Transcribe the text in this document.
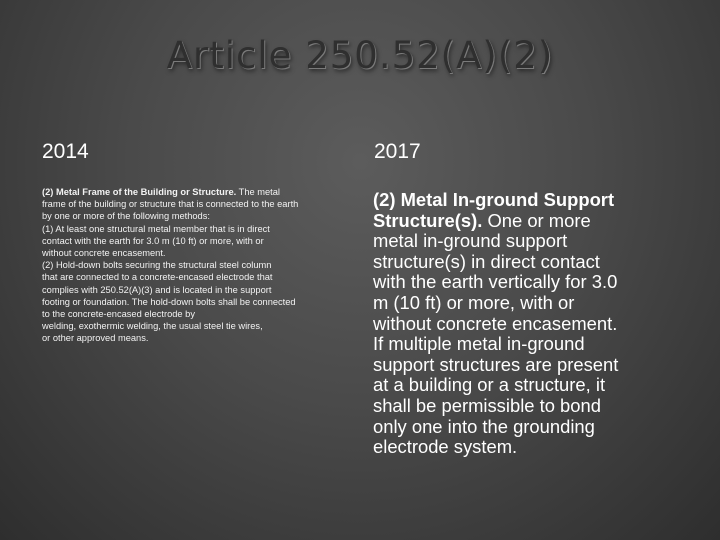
Article 250.52(A)(2)
2014	2017
(2) Metal Frame of the Building or Structure. The metal
frame of the building or structure that is connected to the earth
by one or more of the following methods:
(1) At least one structural metal member that is in direct
contact with the earth for 3.0 m (10 ft) or more, with or
without concrete encasement.
(2) Hold-down bolts securing the structural steel column
that are connected to a concrete-encased electrode that
complies with 250.52(A)(3) and is located in the support
footing or foundation. The hold-down bolts shall be connected
to the concrete-encased electrode by
welding, exothermic welding, the usual steel tie wires,
or other approved means.
(2) Metal In-ground Support
Structure(s). One or more
metal in-ground support
structure(s) in direct contact
with the earth vertically for 3.0
m (10 ft) or more, with or
without concrete encasement.
If multiple metal in-ground
support structures are present
at a building or a structure, it
shall be permissible to bond
only one into the grounding
electrode system.
